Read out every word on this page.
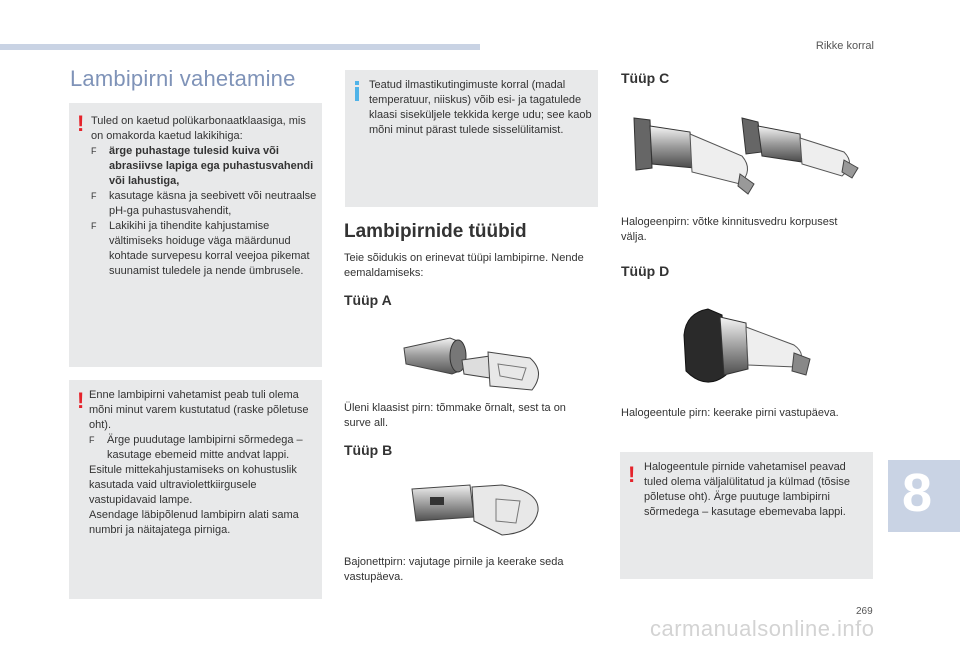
Rikke korral
Lambipirni vahetamine
! Tuled on kaetud polükarbonaatklaasiga, mis on omakorda kaetud lakikihiga:

F ärge puhastage tulesid kuiva või abrasiivse lapiga ega puhastusvahendi või lahustiga,
F kasutage käsna ja seebivett või neutraalse pH-ga puhastusvahendit,
F Lakikihi ja tihendite kahjustamise vältimiseks hoiduge väga määrdunud kohtade survepesu korral veejoa pikemat suunamist tuledele ja nende ümbrusele.
! Enne lambipirni vahetamist peab tuli olema mõni minut varem kustutatud (raske põletuse oht).

F Ärge puudutage lambipirni sõrmedega – kasutage ebemeid mitte andvat lappi.

Esitule mittekahjustamiseks on kohustuslik kasutada vaid ultraviolettkiirgusele vastupidavaid lampe.

Asendage läbipõlenud lambipirn alati sama numbri ja näitajatega pirniga.

Teatud ilmastikutingimuste korral (madal temperatuur, niiskus) võib esi- ja tagatulede klaasi siseküljele tekkida kerge udu; see kaob mõni minut pärast tulede sisselülitamist.

Lambipirnide tüübid

Teie sõidukis on erinevat tüüpi lambipirne. Nende eemaldamiseks:

Tüüp A

Üleni klaasist pirn: tõmmake õrnalt, sest ta on surve all.

Tüüp B

Bajonettpirn: vajutage pirnile ja keerake seda vastupäeva.

Tüüp C

Halogeenpirn: võtke kinnitusvedru korpusest välja.

Tüüp D

Halogeentule pirn: keerake pirni vastupäeva.

! Halogeentule pirnide vahetamisel peavad tuled olema väljalülitatud ja külmad (tõsise põletuse oht). Ärge puutuge lambipirni sõrmedega – kasutage ebemevaba lappi.	8
269
carmanualsonline.info
